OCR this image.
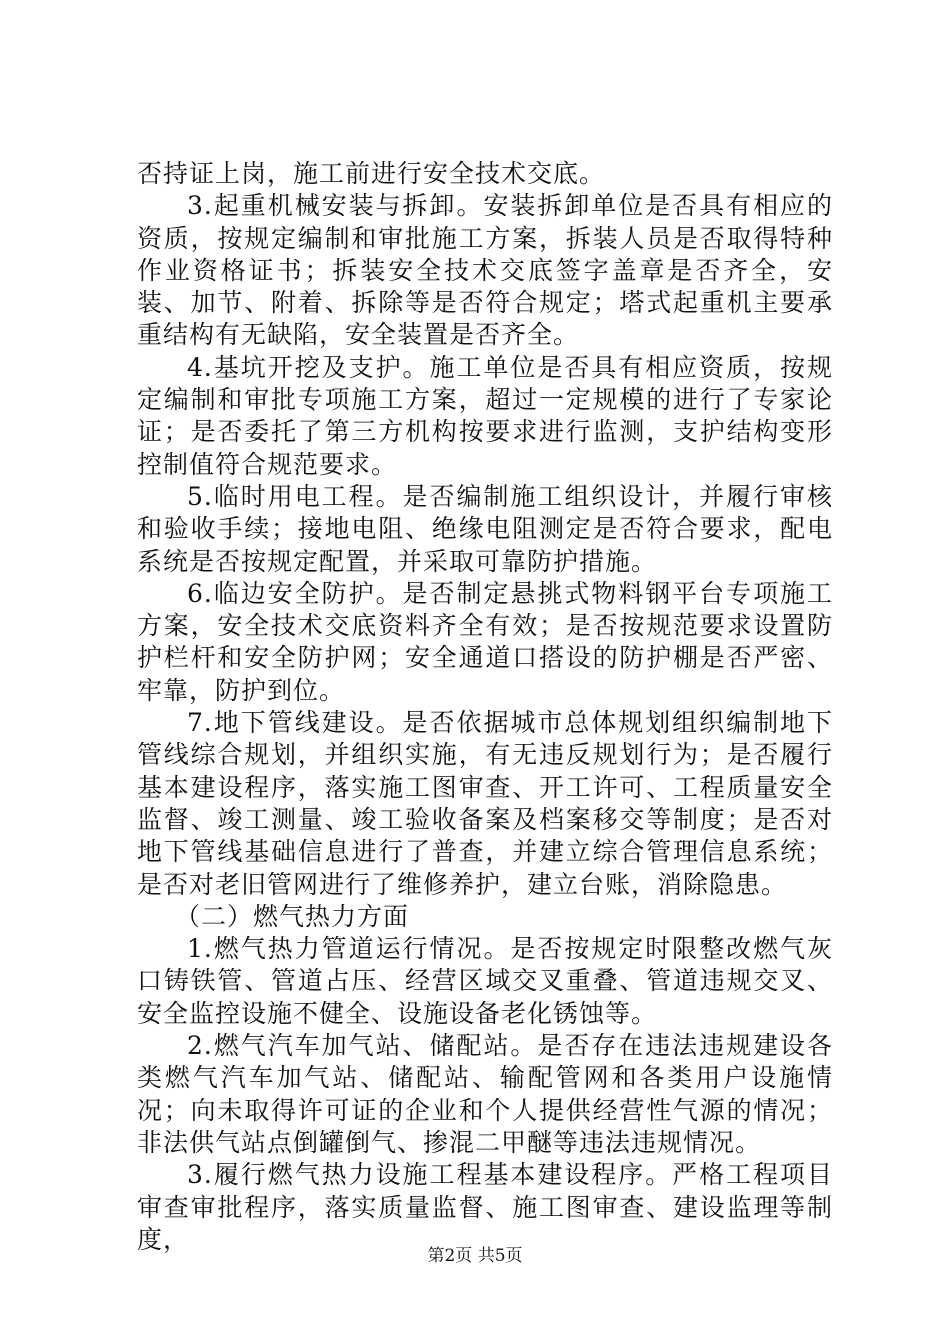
否持证上岗，施工前进行安全技术交底。

3.起重机械安装与拆卸。安装拆卸单位是否具有相应的资质，按规定编制和审批施工方案，拆装人员是否取得特种作业资格证书；拆装安全技术交底签字盖章是否齐全，安装、加节、附着、拆除等是否符合规定；塔式起重机主要承重结构有无缺陷，安全装置是否齐全。

4.基坑开挖及支护。施工单位是否具有相应资质，按规定编制和审批专项施工方案，超过一定规模的进行了专家论证；是否委托了第三方机构按要求进行监测，支护结构变形控制值符合规范要求。

5.临时用电工程。是否编制施工组织设计，并履行审核和验收手续；接地电阻、绝缘电阻测定是否符合要求，配电系统是否按规定配置，并采取可靠防护措施。

6.临边安全防护。是否制定悬挑式物料钢平台专项施工方案，安全技术交底资料齐全有效；是否按规范要求设置防护栏杆和安全防护网；安全通道口搭设的防护棚是否严密、牢靠，防护到位。

7.地下管线建设。是否依据城市总体规划组织编制地下管线综合规划，并组织实施，有无违反规划行为；是否履行基本建设程序，落实施工图审查、开工许可、工程质量安全监督、竣工测量、竣工验收备案及档案移交等制度；是否对地下管线基础信息进行了普查，并建立综合管理信息系统；是否对老旧管网进行了维修养护，建立台账，消除隐患。

（二）燃气热力方面

1.燃气热力管道运行情况。是否按规定时限整改燃气灰口铸铁管、管道占压、经营区域交叉重叠、管道违规交叉、安全监控设施不健全、设施设备老化锈蚀等。

2.燃气汽车加气站、储配站。是否存在违法违规建设各类燃气汽车加气站、储配站、输配管网和各类用户设施情况；向未取得许可证的企业和个人提供经营性气源的情况；非法供气站点倒罐倒气、掺混二甲醚等违法违规情况。

3.履行燃气热力设施工程基本建设程序。严格工程项目审查审批程序，落实质量监督、施工图审查、建设监理等制度，

第2页 共5页
